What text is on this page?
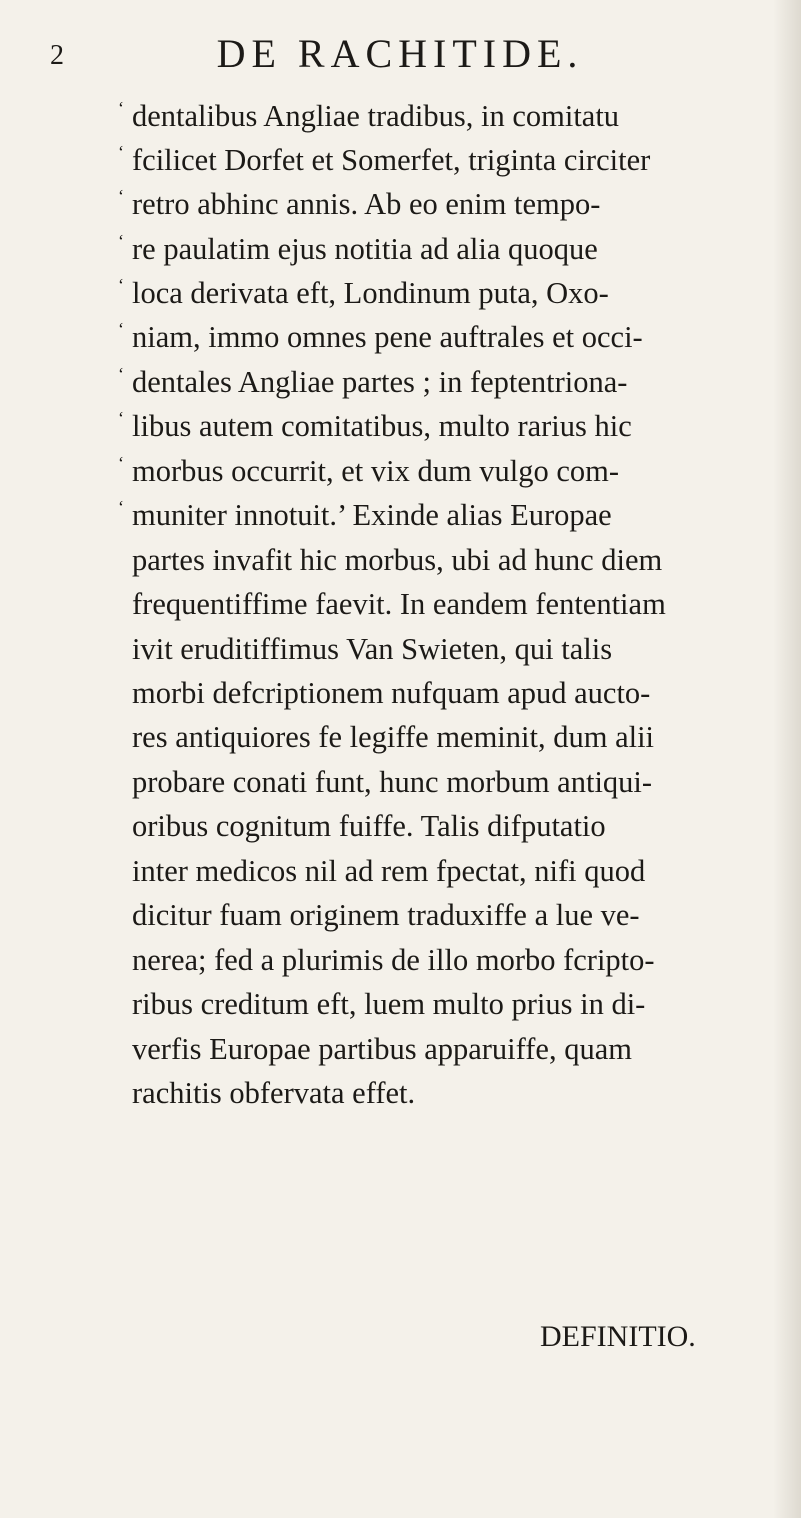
2	DE RACHITIDE.
‘ dentalibus Angliae tradibus, in comitatu
‘ fcilicet Dorfet et Somerfet, triginta circiter
‘ retro abhinc annis. Ab eo enim tempo-
‘ re paulatim ejus notitia ad alia quoque
‘ loca derivata eft, Londinum puta, Oxo-
‘ niam, immo omnes pene auftrales et occi-
‘ dentales Angliae partes ; in feptentriona-
‘ libus autem comitatibus, multo rarius hic
‘ morbus occurrit, et vix dum vulgo com-
‘ muniter innotuit.’ Exinde alias Europae
partes invafit hic morbus, ubi ad hunc diem
frequentiffime faevit. In eandem fententiam
ivit eruditiffimus Van Swieten, qui talis
morbi defcriptionem nufquam apud aucto-
res antiquiores fe legiffe meminit, dum alii
probare conati funt, hunc morbum antiqui-
oribus cognitum fuiffe. Talis difputatio
inter medicos nil ad rem fpectat, nifi quod
dicitur fuam originem traduxiffe a lue ve-
nerea; fed a plurimis de illo morbo fcripto-
ribus creditum eft, luem multo prius in di-
verfis Europae partibus apparuiffe, quam
rachitis obfervata effet.
DEFINITIO.
